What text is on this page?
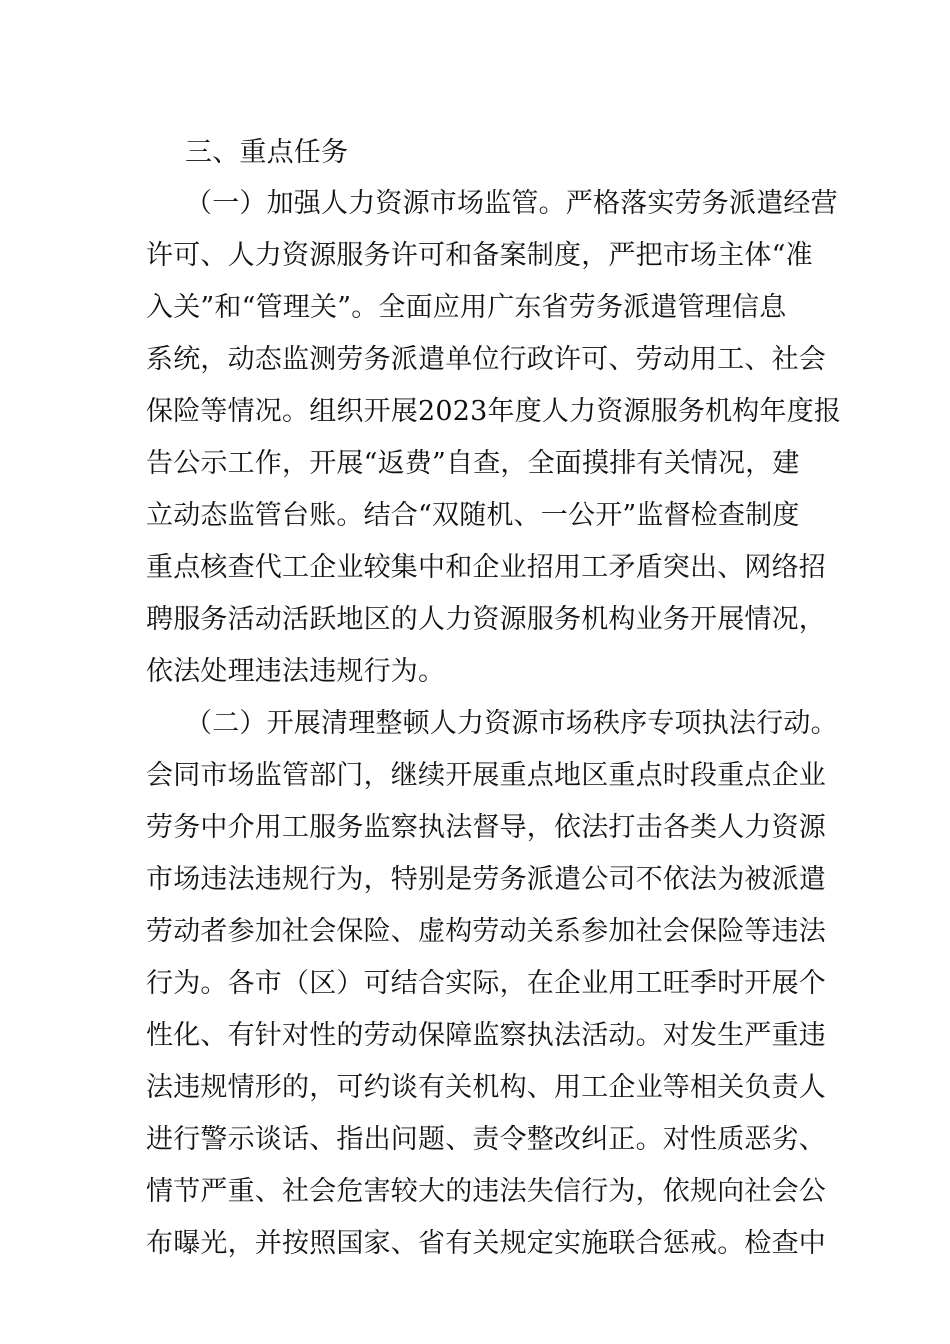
三、重点任务
（一）加强人力资源市场监管。严格落实劳务派遣经营
许可、人力资源服务许可和备案制度，严把市场主体“准
入关”和“管理关”。全面应用广东省劳务派遣管理信息
系统，动态监测劳务派遣单位行政许可、劳动用工、社会
保险等情况。组织开展2023年度人力资源服务机构年度报
告公示工作，开展“返费”自查，全面摸排有关情况，建
立动态监管台账。结合“双随机、一公开”监督检查制度
重点核查代工企业较集中和企业招用工矛盾突出、网络招
聘服务活动活跃地区的人力资源服务机构业务开展情况，
依法处理违法违规行为。
（二）开展清理整顿人力资源市场秩序专项执法行动。
会同市场监管部门，继续开展重点地区重点时段重点企业
劳务中介用工服务监察执法督导，依法打击各类人力资源
市场违法违规行为，特别是劳务派遣公司不依法为被派遣
劳动者参加社会保险、虚构劳动关系参加社会保险等违法
行为。各市（区）可结合实际，在企业用工旺季时开展个
性化、有针对性的劳动保障监察执法活动。对发生严重违
法违规情形的，可约谈有关机构、用工企业等相关负责人
进行警示谈话、指出问题、责令整改纠正。对性质恶劣、
情节严重、社会危害较大的违法失信行为，依规向社会公
布曝光，并按照国家、省有关规定实施联合惩戒。检查中
